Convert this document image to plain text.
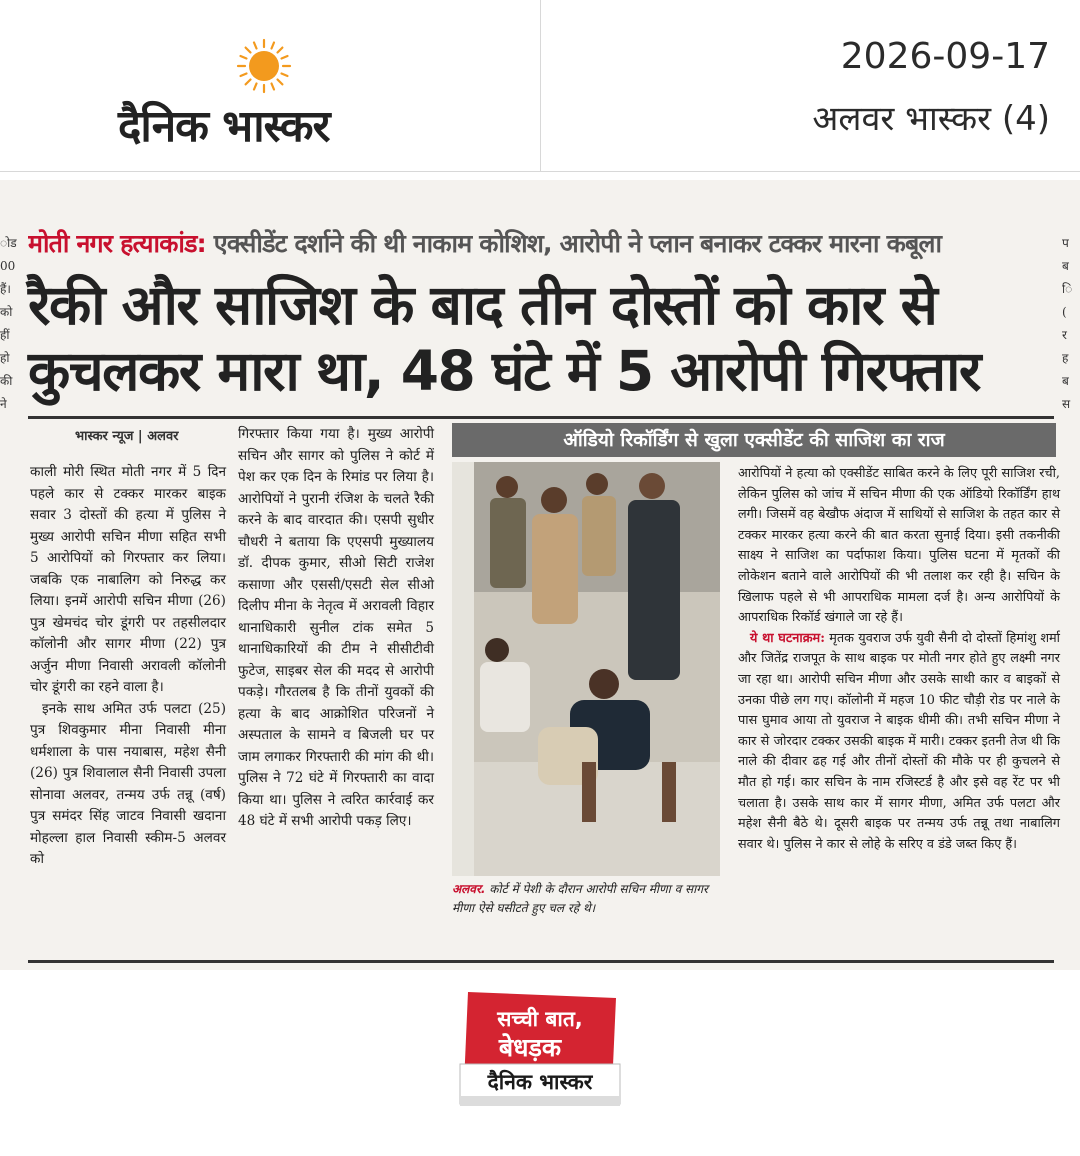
दैनिक भास्कर
2026-09-17
अलवर भास्कर (4)
ोड
00
हैं।
को
हीं
हो
की
ने
प
ब
ि
(
र
ह
ब
स
मोती नगर हत्याकांड: एक्सीडेंट दर्शाने की थी नाकाम कोशिश, आरोपी ने प्लान बनाकर टक्कर मारना कबूला
रैकी और साजिश के बाद तीन दोस्तों को कार से
कुचलकर मारा था, 48 घंटे में 5 आरोपी गिरफ्तार
भास्कर न्यूज | अलवर

काली मोरी स्थित मोती नगर में 5 दिन पहले कार से टक्कर मारकर बाइक सवार 3 दोस्तों की हत्या में पुलिस ने मुख्य आरोपी सचिन मीणा सहित सभी 5 आरोपियों को गिरफ्तार कर लिया। जबकि एक नाबालिग को निरुद्ध कर लिया। इनमें आरोपी सचिन मीणा (26) पुत्र खेमचंद चोर डूंगरी पर तहसीलदार कॉलोनी और सागर मीणा (22) पुत्र अर्जुन मीणा निवासी अरावली कॉलोनी चोर डूंगरी का रहने वाला है।

इनके साथ अमित उर्फ पलटा (25) पुत्र शिवकुमार मीना निवासी मीना धर्मशाला के पास नयाबास, महेश सैनी (26) पुत्र शिवालाल सैनी निवासी उपला सोनावा अलवर, तन्मय उर्फ तन्नू (वर्ष) पुत्र समंदर सिंह जाटव निवासी खदाना मोहल्ला हाल निवासी स्कीम-5 अलवर को

गिरफ्तार किया गया है। मुख्य आरोपी सचिन और सागर को पुलिस ने कोर्ट में पेश कर एक दिन के रिमांड पर लिया है। आरोपियों ने पुरानी रंजिश के चलते रैकी करने के बाद वारदात की। एसपी सुधीर चौधरी ने बताया कि एएसपी मुख्यालय डॉ. दीपक कुमार, सीओ सिटी राजेश कसाणा और एससी/एसटी सेल सीओ दिलीप मीना के नेतृत्व में अरावली विहार थानाधिकारी सुनील टांक समेत 5 थानाधिकारियों की टीम ने सीसीटीवी फुटेज, साइबर सेल की मदद से आरोपी पकड़े। गौरतलब है कि तीनों युवकों की हत्या के बाद आक्रोशित परिजनों ने अस्पताल के सामने व बिजली घर पर जाम लगाकर गिरफ्तारी की मांग की थी। पुलिस ने 72 घंटे में गिरफ्तारी का वादा किया था। पुलिस ने त्वरित कार्रवाई कर 48 घंटे में सभी आरोपी पकड़ लिए।

ऑडियो रिकॉर्डिंग से खुला एक्सीडेंट की साजिश का राज
अलवर. कोर्ट में पेशी के दौरान आरोपी सचिन मीणा व सागर मीणा ऐसे घसीटते हुए चल रहे थे।

आरोपियों ने हत्या को एक्सीडेंट साबित करने के लिए पूरी साजिश रची, लेकिन पुलिस को जांच में सचिन मीणा की एक ऑडियो रिकॉर्डिंग हाथ लगी। जिसमें वह बेखौफ अंदाज में साथियों से साजिश के तहत कार से टक्कर मारकर हत्या करने की बात करता सुनाई दिया। इसी तकनीकी साक्ष्य ने साजिश का पर्दाफाश किया। पुलिस घटना में मृतकों की लोकेशन बताने वाले आरोपियों की भी तलाश कर रही है। सचिन के खिलाफ पहले से भी आपराधिक मामला दर्ज है। अन्य आरोपियों के आपराधिक रिकॉर्ड खंगाले जा रहे हैं।

ये था घटनाक्रम: मृतक युवराज उर्फ युवी सैनी दो दोस्तों हिमांशु शर्मा और जितेंद्र राजपूत के साथ बाइक पर मोती नगर होते हुए लक्ष्मी नगर जा रहा था। आरोपी सचिन मीणा और उसके साथी कार व बाइकों से उनका पीछे लग गए। कॉलोनी में महज 10 फीट चौड़ी रोड पर नाले के पास घुमाव आया तो युवराज ने बाइक धीमी की। तभी सचिन मीणा ने कार से जोरदार टक्कर उसकी बाइक में मारी। टक्कर इतनी तेज थी कि नाले की दीवार ढह गई और तीनों दोस्तों की मौके पर ही कुचलने से मौत हो गई। कार सचिन के नाम रजिस्टर्ड है और इसे वह रेंट पर भी चलाता है। उसके साथ कार में सागर मीणा, अमित उर्फ पलटा और महेश सैनी बैठे थे। दूसरी बाइक पर तन्मय उर्फ तन्नू तथा नाबालिग सवार थे। पुलिस ने कार से लोहे के सरिए व डंडे जब्त किए हैं।

सच्ची बात,
बेधड़क
दैनिक भास्कर
